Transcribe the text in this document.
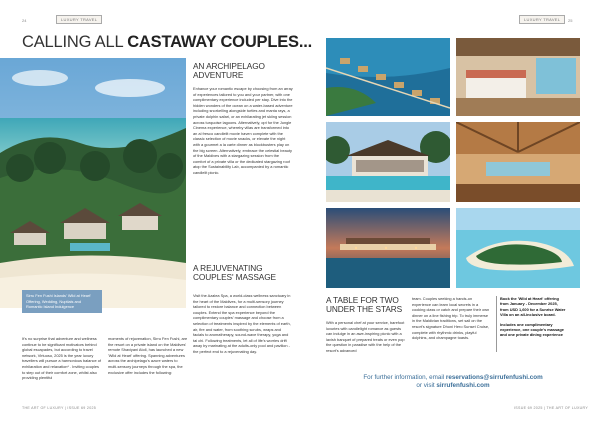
24	LUXURY TRAVEL
CALLING ALL CASTAWAY COUPLES...
Sirru Fen Fushi Islands' Wild at Heart' Offering, Wedding, Nuptials and Romantic Island Indulgence
It's no surprise that adventure and wellness continue to be significant motivators behind global escapades, but according to travel network, Virtuoso, 2025 is the year luxury travellers will pursue a harmonious balance of exhilaration and relaxation* . Inviting couples to step out of their comfort zone, whilst also providing plentiful
moments of rejuvenation, Sirru Fen Fushi, are the resort on a private island on the Maldives' remote Shaviyani Atoll, has launched a new 'Wild at Heart' offering. Spanning adventures across the archipelago's azure waters to multi-sensory journeys through the spa, the exclusive offer includes the following:
AN ARCHIPELAGO ADVENTURE
Enhance your romantic escape by choosing from an array of experiences tailored to you and your partner, with one complimentary experience included per stay. Dive into the hidden wonders of the ocean on a water-based adventure including snorkelling alongside turtles and manta rays, a private dolphin safari, or an exhilarating jet skiing session across turquoise lagoons. Alternatively, opt for the Jungle Cinema experience, whereby villas are transformed into an al fresco candlelit movie haven complete with the classic selection of movie snacks, or elevate the night with a gourmet a la carte dinner as blockbusters play on the big screen. Alternatively, embrace the celestial beauty of the Maldives with a stargazing session from the comfort of a private villa or the dedicated stargazing roof atop the Sustainability Lab, accompanied by a romantic candlelit picnic.
A REJUVENATING COUPLES' MASSAGE
Visit the Azalea Spa, a world-class wellness sanctuary in the heart of the Maldives, for a multi-sensory journey tailored to restore balance and connection between couples. Extend the spa experience beyond the complimentary couples' massage and choose from a selection of treatments inspired by the elements of earth, air, fire and water, from soothing scrubs, wraps and facials to aromatherapy, sound-wave therapy, yoga and tai chi. Following treatments, let all of life's worries drift away by marinating at the adults-only pool and pavilion - the perfect end to a rejuvenating day.
THE ART OF LUXURY | ISSUE 69 2025
LUXURY TRAVEL	25
A TABLE FOR TWO UNDER THE STARS
With a personal chef at your service, barefoot luxuries with candlelight romance as guests can indulge in an awe-inspiring picnic with a lavish banquet of prepared treats or even pop the question in paradise with the help of the resort's advanced
team. Couples seeking a hands-on experience can learn local secrets in a cooking class or catch and prepare their own dinner on a line fishing trip. To truly immerse in the Maldivian traditions, set sail on the resort's signature Dhoni Hero Sunset Cruise, complete with rhythmic drinks, playful dolphins, and champagne toasts.
Book the 'Wild at Heart' offering
from January - December 2025,
from USD 1,600 for a Sunrise Water
Villa on an all-inclusive board.
Includes one complimentary
experience, one couple's massage
and one private dining experience
For further information, email reservations@sirrufenfushi.com
or visit sirrufenfushi.com
ISSUE 69 2025 | THE ART OF LUXURY
